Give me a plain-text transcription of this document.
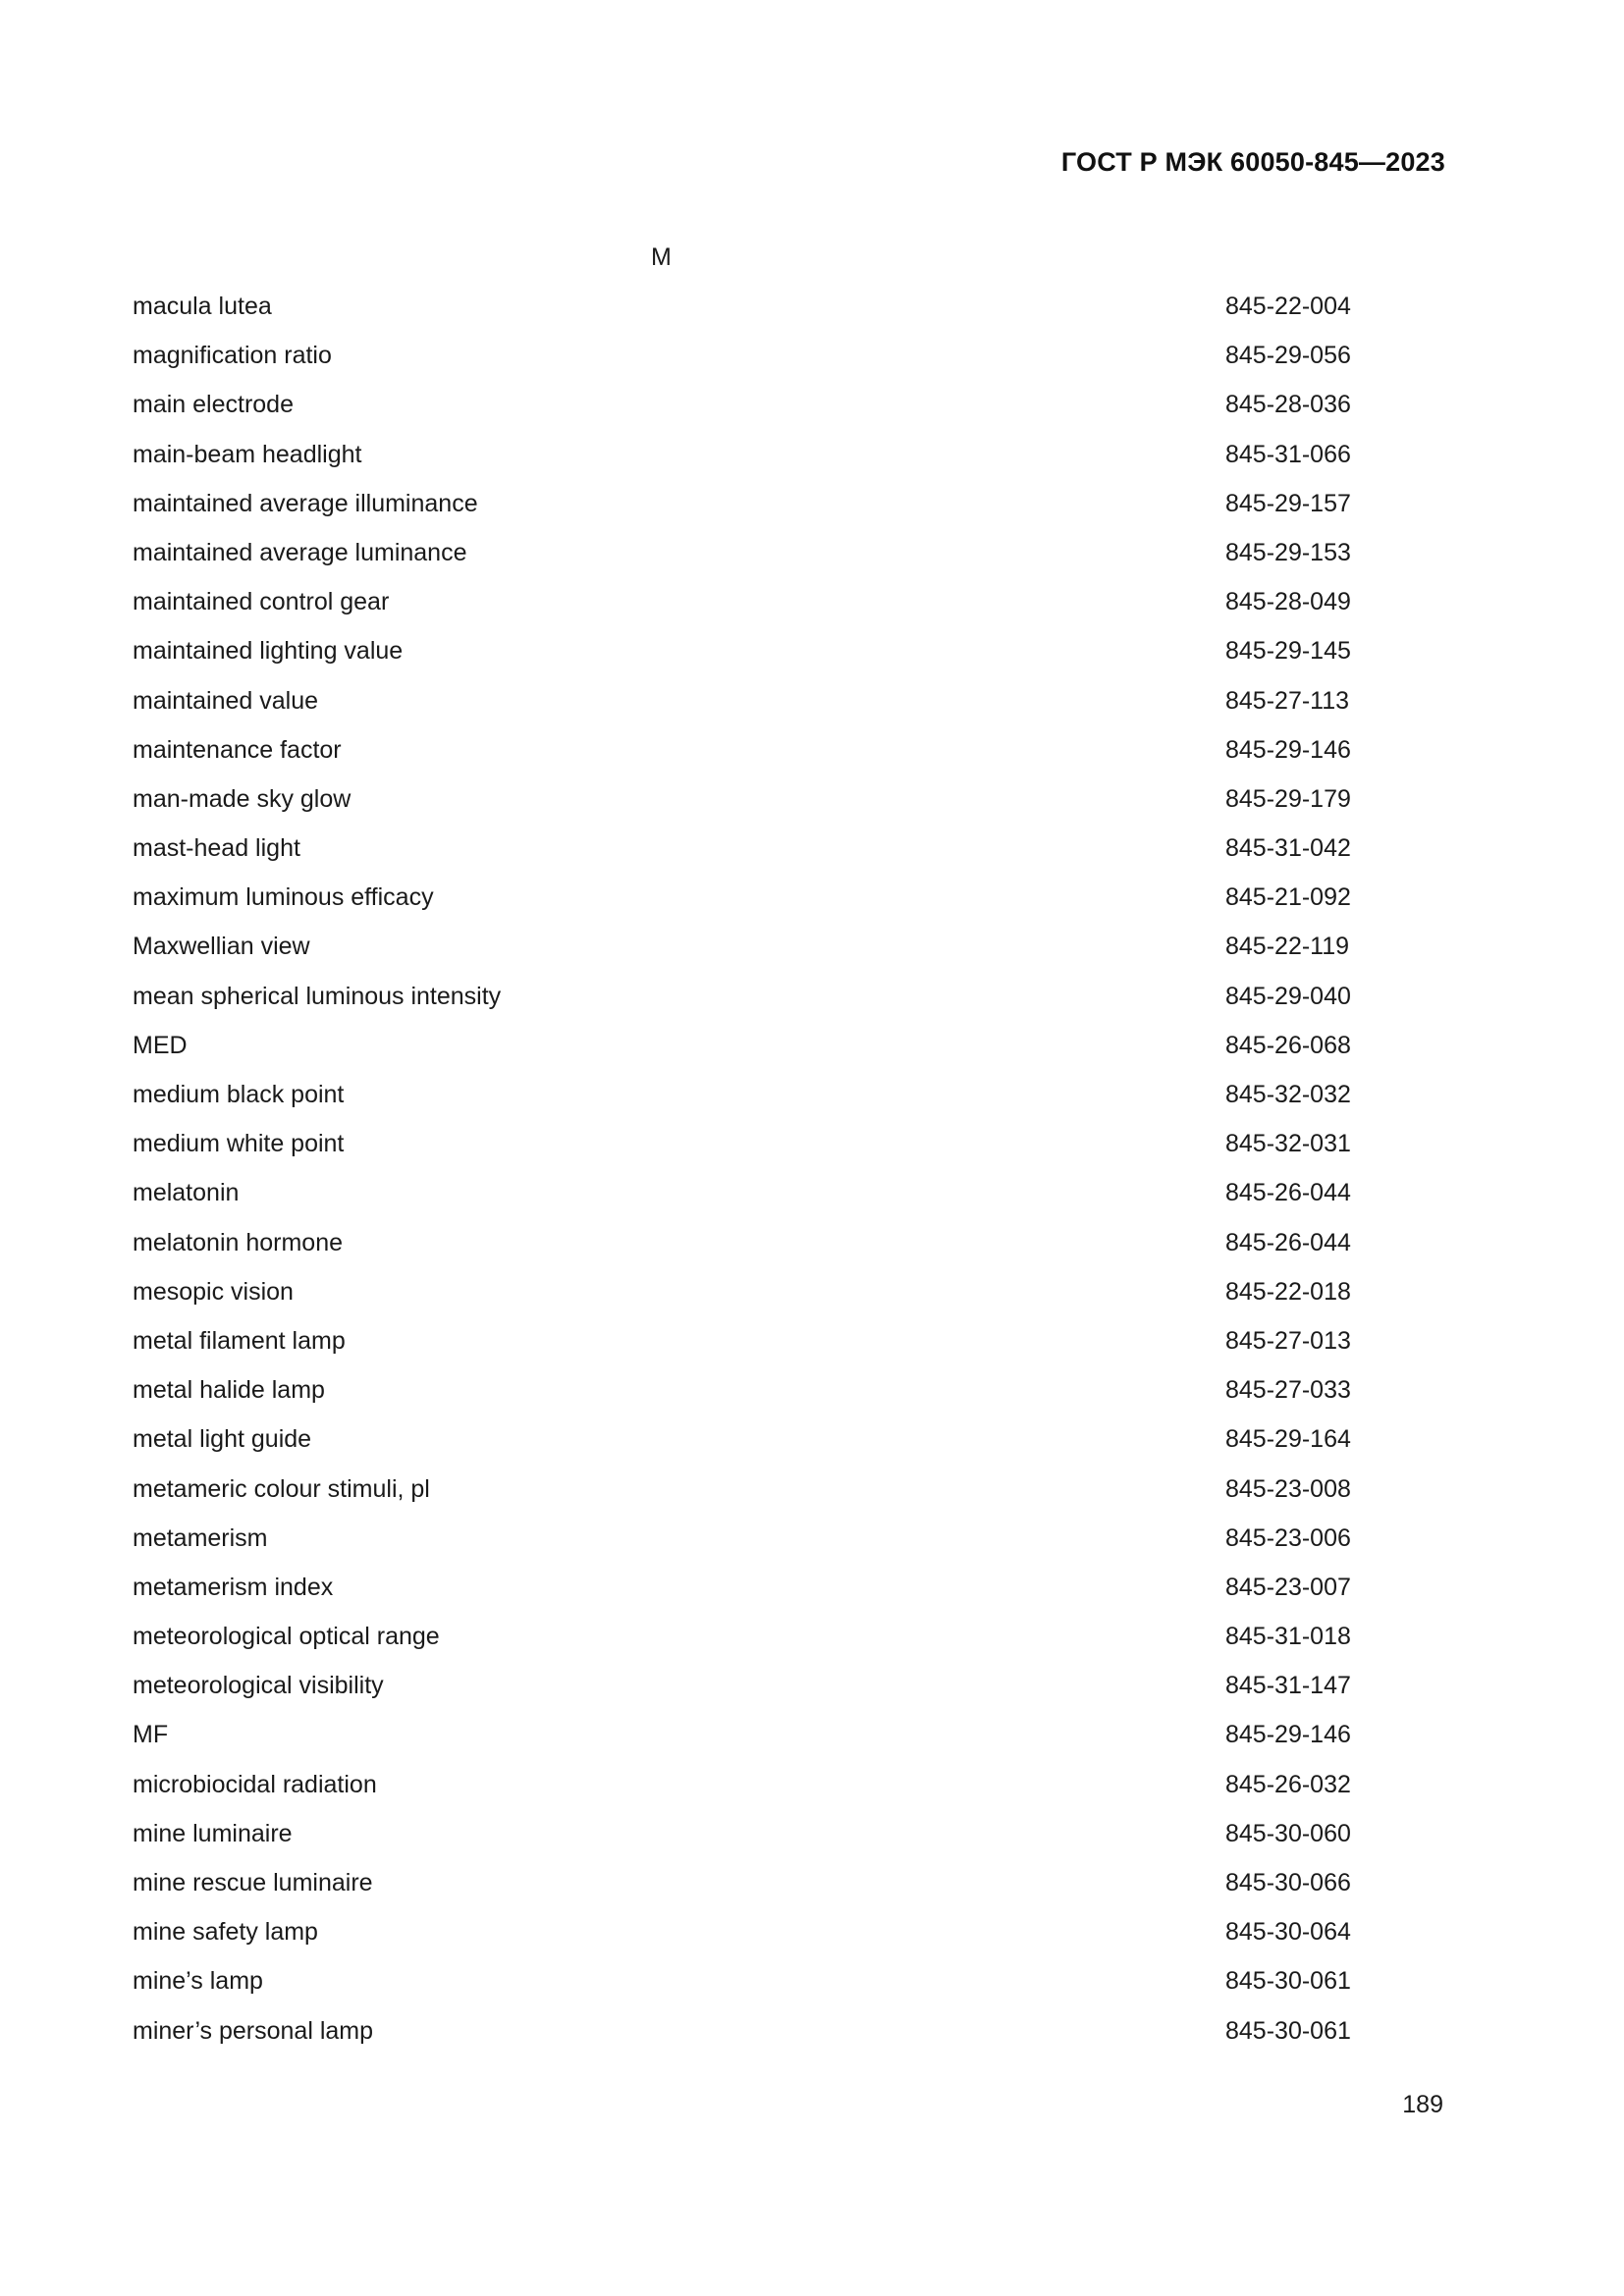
ГОСТ Р МЭК 60050-845—2023
M
macula lutea	845-22-004
magnification ratio	845-29-056
main electrode	845-28-036
main-beam headlight	845-31-066
maintained average illuminance	845-29-157
maintained average luminance	845-29-153
maintained control gear	845-28-049
maintained lighting value	845-29-145
maintained value	845-27-113
maintenance factor	845-29-146
man-made sky glow	845-29-179
mast-head light	845-31-042
maximum luminous efficacy	845-21-092
Maxwellian view	845-22-119
mean spherical luminous intensity	845-29-040
MED	845-26-068
medium black point	845-32-032
medium white point	845-32-031
melatonin	845-26-044
melatonin hormone	845-26-044
mesopic vision	845-22-018
metal filament lamp	845-27-013
metal halide lamp	845-27-033
metal light guide	845-29-164
metameric colour stimuli, pl	845-23-008
metamerism	845-23-006
metamerism index	845-23-007
meteorological optical range	845-31-018
meteorological visibility	845-31-147
MF	845-29-146
microbiocidal radiation	845-26-032
mine luminaire	845-30-060
mine rescue luminaire	845-30-066
mine safety lamp	845-30-064
mine’s lamp	845-30-061
miner’s personal lamp	845-30-061
189
